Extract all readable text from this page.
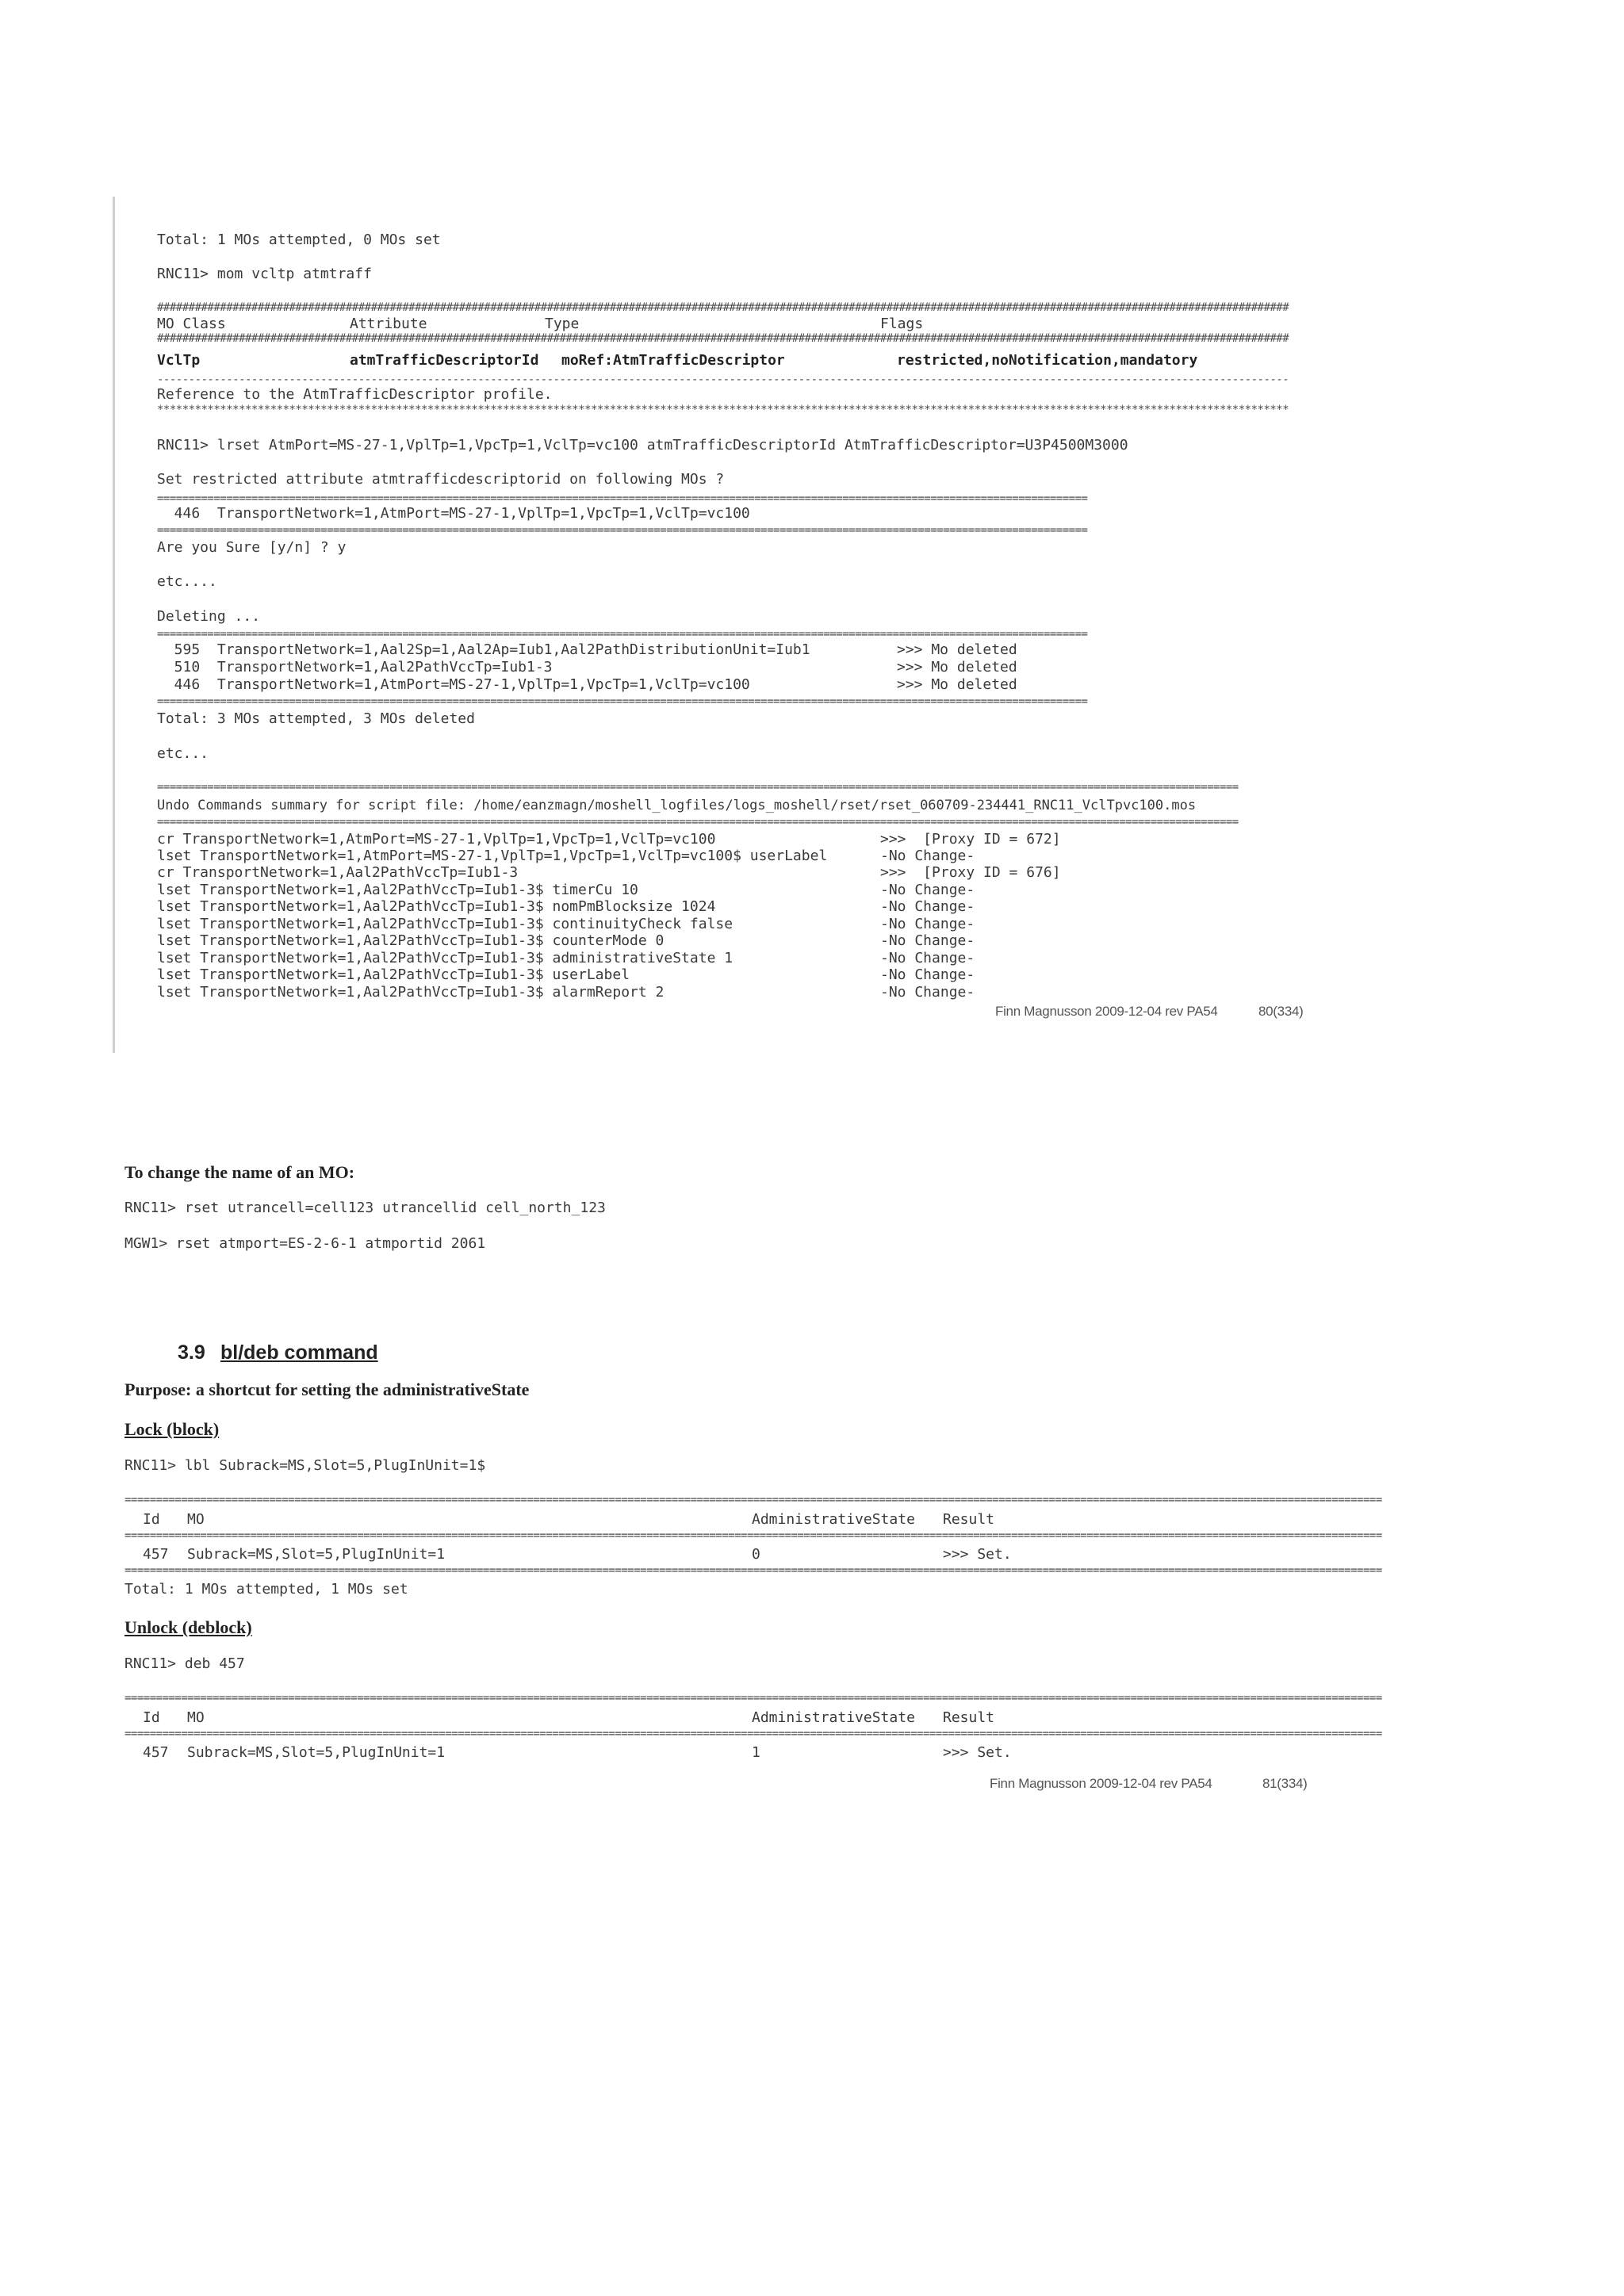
Total: 1 MOs attempted, 0 MOs set
RNC11> mom vcltp atmtraff
####################################################################################################################################################################################
MO Class	Attribute	Type	Flags
####################################################################################################################################################################################
VclTp	atmTrafficDescriptorId moRef:AtmTrafficDescriptor	restricted,noNotification,mandatory
------------------------------------------------------------------------------------------------------------------------------------------------------------------------------------
Reference to the AtmTrafficDescriptor profile.
************************************************************************************************************************************************************************************
RNC11> lrset AtmPort=MS-27-1,VplTp=1,VpcTp=1,VclTp=vc100 atmTrafficDescriptorId AtmTrafficDescriptor=U3P4500M3000
Set restricted attribute atmtrafficdescriptorid on following MOs ?
====================================================================================================================================================
446  TransportNetwork=1,AtmPort=MS-27-1,VplTp=1,VpcTp=1,VclTp=vc100
====================================================================================================================================================
Are you Sure [y/n] ? y
etc....
Deleting ...
====================================================================================================================================================
595  TransportNetwork=1,Aal2Sp=1,Aal2Ap=Iub1,Aal2PathDistributionUnit=Iub1	>>> Mo deleted
510  TransportNetwork=1,Aal2PathVccTp=Iub1-3	>>> Mo deleted
446  TransportNetwork=1,AtmPort=MS-27-1,VplTp=1,VpcTp=1,VclTp=vc100	>>> Mo deleted
====================================================================================================================================================
Total: 3 MOs attempted, 3 MOs deleted
etc...
============================================================================================================================================================================
Undo Commands summary for script file: /home/eanzmagn/moshell_logfiles/logs_moshell/rset/rset_060709-234441_RNC11_VclTpvc100.mos
============================================================================================================================================================================
cr TransportNetwork=1,AtmPort=MS-27-1,VplTp=1,VpcTp=1,VclTp=vc100	>>>  [Proxy ID = 672]
lset TransportNetwork=1,AtmPort=MS-27-1,VplTp=1,VpcTp=1,VclTp=vc100$ userLabel	-No Change-
cr TransportNetwork=1,Aal2PathVccTp=Iub1-3	>>>  [Proxy ID = 676]
lset TransportNetwork=1,Aal2PathVccTp=Iub1-3$ timerCu 10	-No Change-
lset TransportNetwork=1,Aal2PathVccTp=Iub1-3$ nomPmBlocksize 1024	-No Change-
lset TransportNetwork=1,Aal2PathVccTp=Iub1-3$ continuityCheck false	-No Change-
lset TransportNetwork=1,Aal2PathVccTp=Iub1-3$ counterMode 0	-No Change-
lset TransportNetwork=1,Aal2PathVccTp=Iub1-3$ administrativeState 1	-No Change-
lset TransportNetwork=1,Aal2PathVccTp=Iub1-3$ userLabel	-No Change-
lset TransportNetwork=1,Aal2PathVccTp=Iub1-3$ alarmReport 2	-No Change-
Finn Magnusson 2009-12-04 rev PA54	80(334)
To change the name of an MO:
RNC11> rset utrancell=cell123 utrancellid cell_north_123
MGW1> rset atmport=ES-2-6-1 atmportid 2061
3.9 bl/deb command
Purpose: a shortcut for setting the administrativeState
Lock (block)
RNC11> lbl Subrack=MS,Slot=5,PlugInUnit=1$
========================================================================================================================================================================================================
Id MO	AdministrativeState Result
========================================================================================================================================================================================================
457 Subrack=MS,Slot=5,PlugInUnit=1	0	>>> Set.
========================================================================================================================================================================================================
Total: 1 MOs attempted, 1 MOs set
Unlock (deblock)
RNC11> deb 457
========================================================================================================================================================================================================
Id MO	AdministrativeState Result
========================================================================================================================================================================================================
457 Subrack=MS,Slot=5,PlugInUnit=1	1	>>> Set.
Finn Magnusson 2009-12-04 rev PA54	81(334)
